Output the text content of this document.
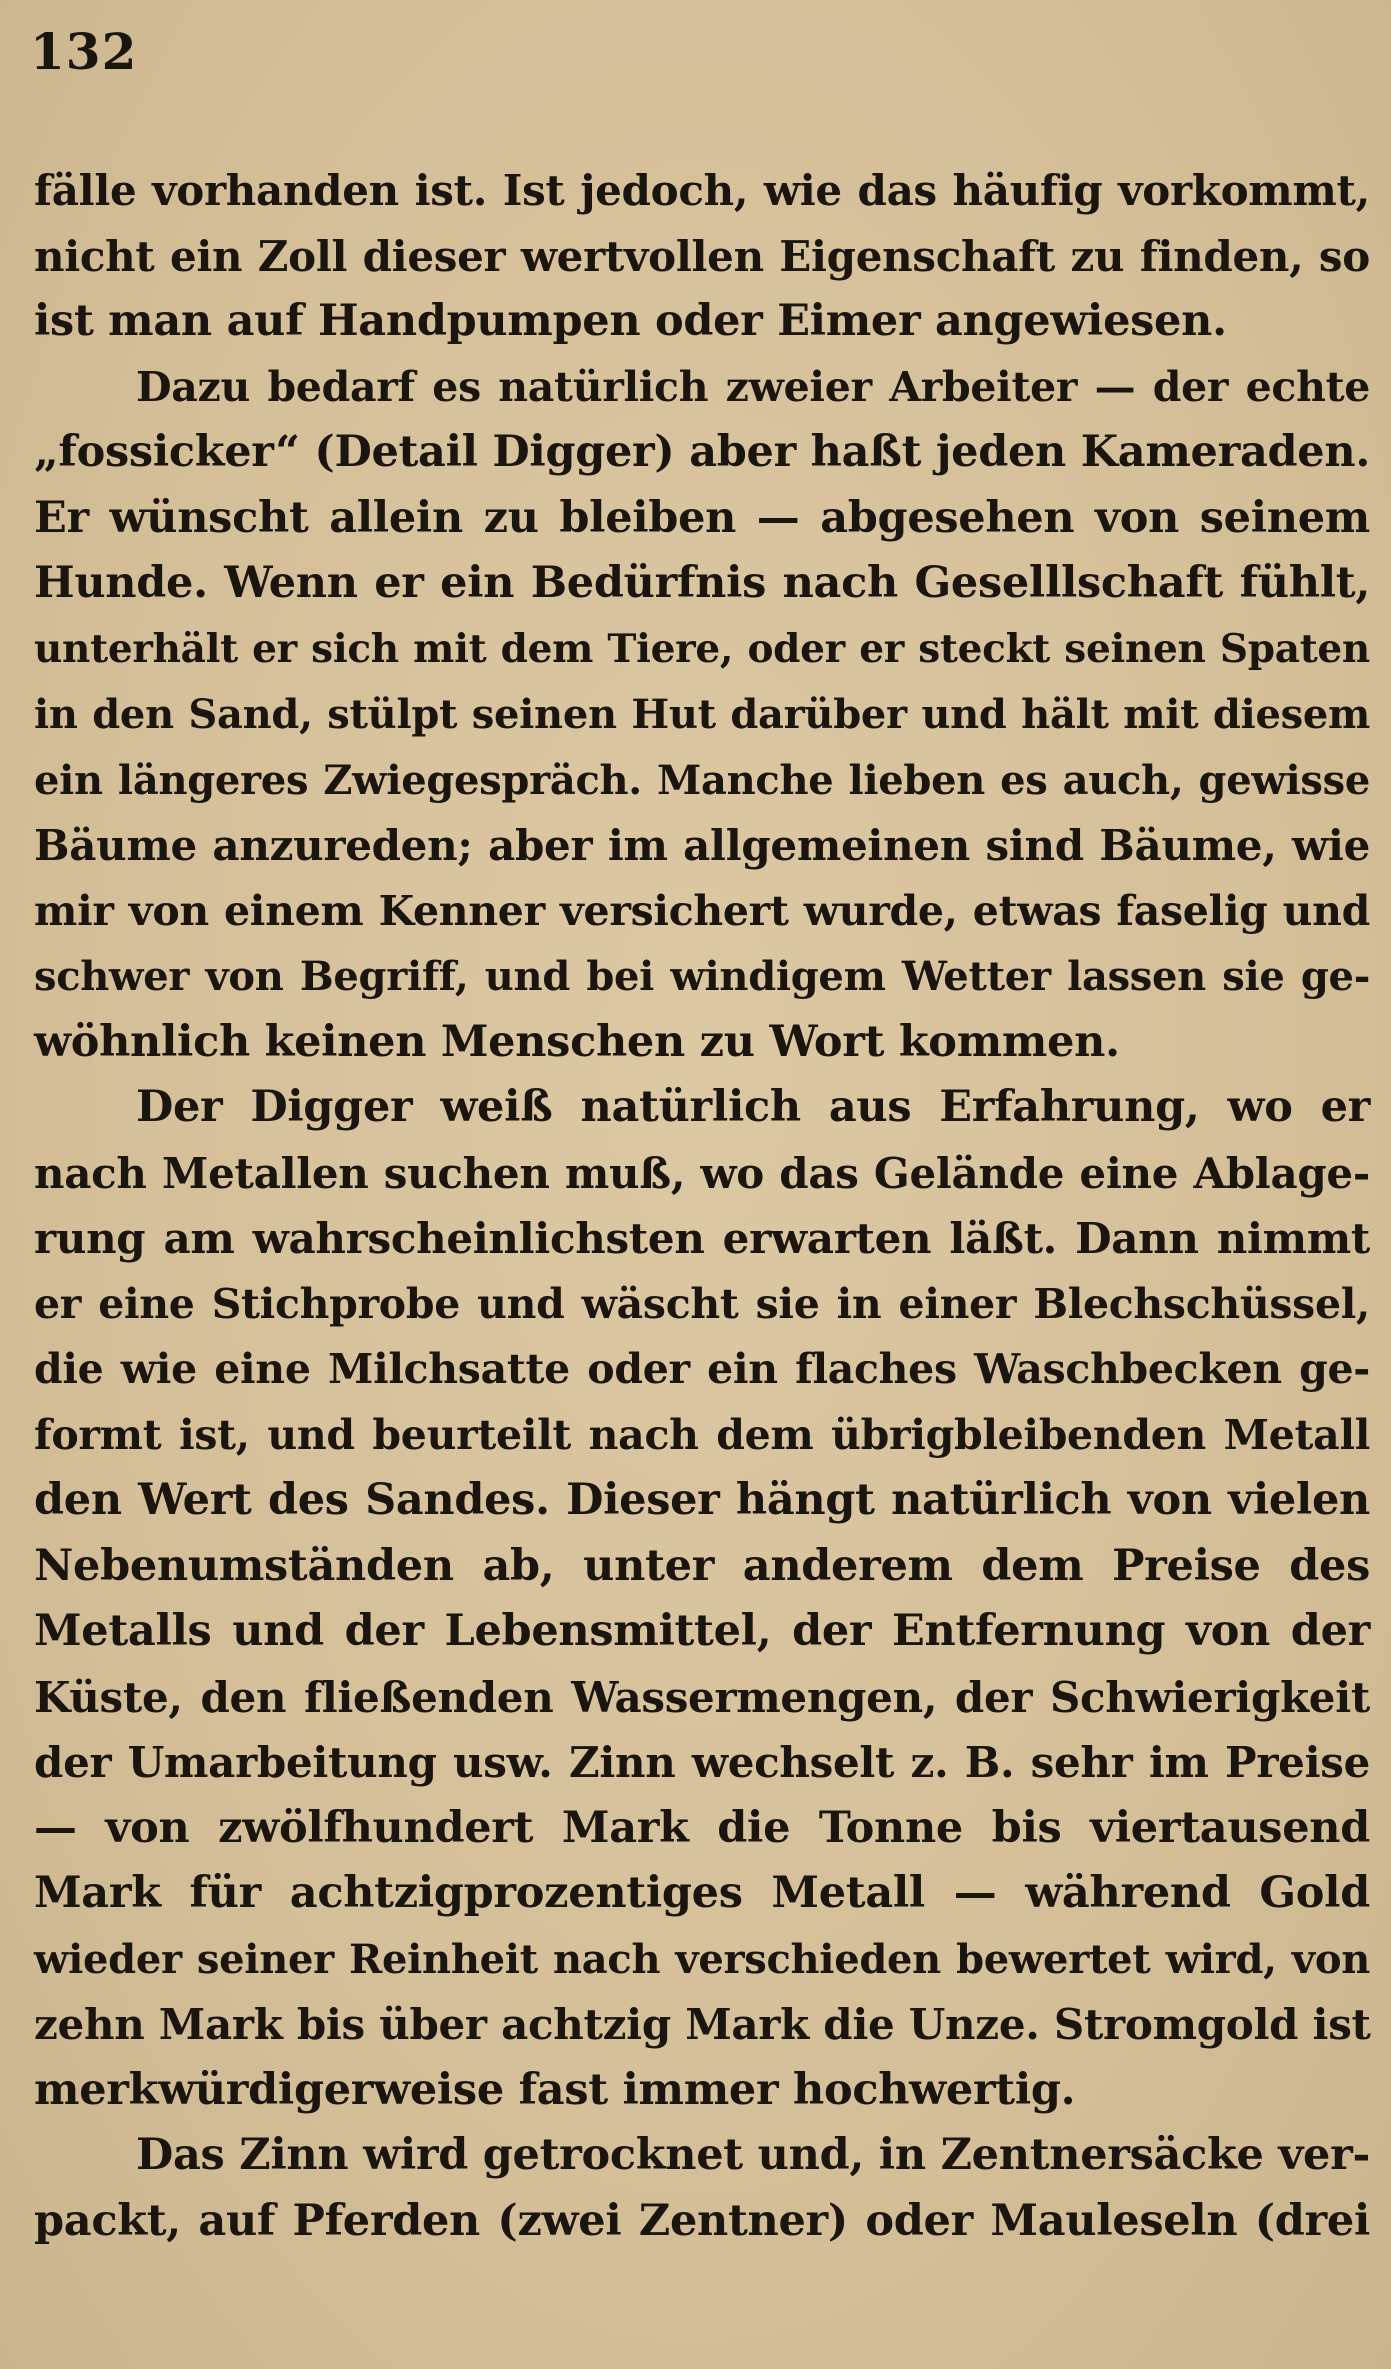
132
fälle vorhanden ist. Ist jedoch, wie das häufig vorkommt,
nicht ein Zoll dieser wertvollen Eigenschaft zu finden, so
ist man auf Handpumpen oder Eimer angewiesen.
Dazu bedarf es natürlich zweier Arbeiter — der echte
„fossicker“ (Detail Digger) aber haßt jeden Kameraden.
Er wünscht allein zu bleiben — abgesehen von seinem
Hunde. Wenn er ein Bedürfnis nach Geselllschaft fühlt,
unterhält er sich mit dem Tiere, oder er steckt seinen Spaten
in den Sand, stülpt seinen Hut darüber und hält mit diesem
ein längeres Zwiegespräch. Manche lieben es auch, gewisse
Bäume anzureden; aber im allgemeinen sind Bäume, wie
mir von einem Kenner versichert wurde, etwas faselig und
schwer von Begriff, und bei windigem Wetter lassen sie ge-
wöhnlich keinen Menschen zu Wort kommen.
Der Digger weiß natürlich aus Erfahrung, wo er
nach Metallen suchen muß, wo das Gelände eine Ablage-
rung am wahrscheinlichsten erwarten läßt. Dann nimmt
er eine Stichprobe und wäscht sie in einer Blechschüssel,
die wie eine Milchsatte oder ein flaches Waschbecken ge-
formt ist, und beurteilt nach dem übrigbleibenden Metall
den Wert des Sandes. Dieser hängt natürlich von vielen
Nebenumständen ab, unter anderem dem Preise des
Metalls und der Lebensmittel, der Entfernung von der
Küste, den fließenden Wassermengen, der Schwierigkeit
der Umarbeitung usw. Zinn wechselt z. B. sehr im Preise
— von zwölfhundert Mark die Tonne bis viertausend
Mark für achtzigprozentiges Metall — während Gold
wieder seiner Reinheit nach verschieden bewertet wird, von
zehn Mark bis über achtzig Mark die Unze. Stromgold ist
merkwürdigerweise fast immer hochwertig.
Das Zinn wird getrocknet und, in Zentnersäcke ver-
packt, auf Pferden (zwei Zentner) oder Mauleseln (drei
